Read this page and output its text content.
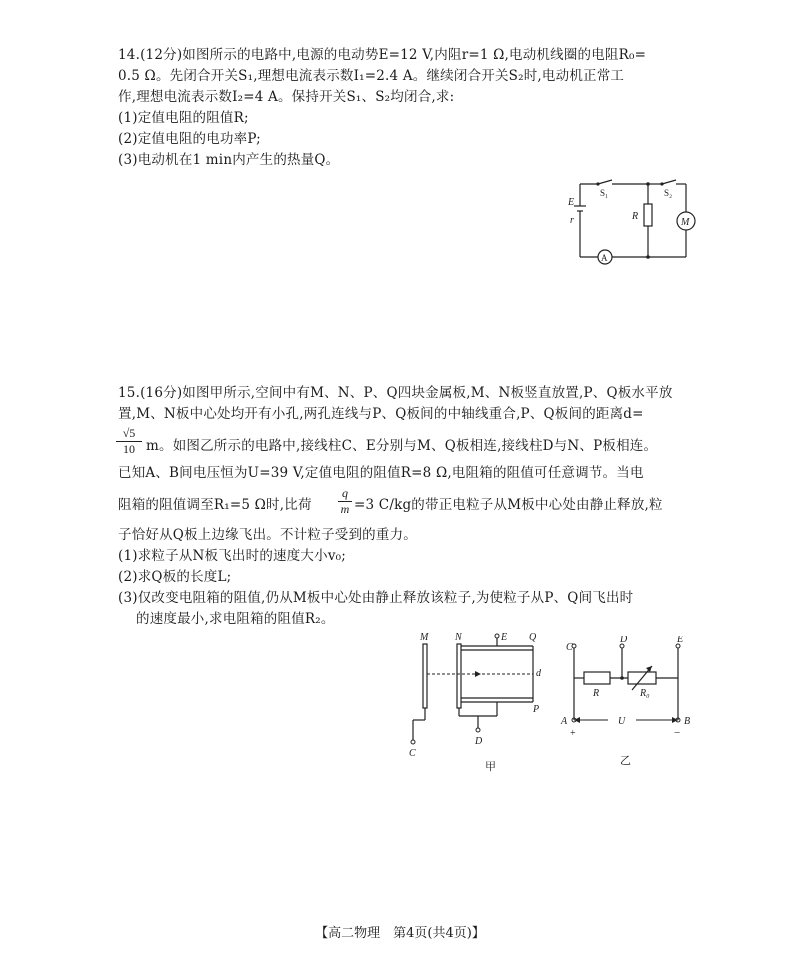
14.(12分)如图所示的电路中,电源的电动势E=12 V,内阻r=1 Ω,电动机线圈的电阻R₀=
0.5 Ω。先闭合开关S₁,理想电流表示数I₁=2.4 A。继续闭合开关S₂时,电动机正常工
作,理想电流表示数I₂=4 A。保持开关S₁、S₂均闭合,求:
(1)定值电阻的阻值R;
(2)定值电阻的电功率P;
(3)电动机在1 min内产生的热量Q。
E
r
S₁	S₂
R
M
A
15.(16分)如图甲所示,空间中有M、N、P、Q四块金属板,M、N板竖直放置,P、Q板水平放
置,M、N板中心处均开有小孔,两孔连线与P、Q板间的中轴线重合,P、Q板间的距离d=
$\frac{√5}{10}$ m。如图乙所示的电路中,接线柱C、E分别与M、Q板相连,接线柱D与N、P板相连。
已知A、B间电压恒为U=39 V,定值电阻的阻值R=8 Ω,电阻箱的阻值可任意调节。当电
阻箱的阻值调至R₁=5 Ω时,比荷 $\frac{q}{m} =3$ C/kg的带正电粒子从M板中心处由静止释放,粒
子恰好从Q板上边缘飞出。不计粒子受到的重力。
(1)求粒子从N板飞出时的速度大小v₀;
(2)求Q板的长度L;
(3)仅改变电阻箱的阻值,仍从M板中心处由静止释放该粒子,为使粒子从P、Q间飞出时
的速度最小,求电阻箱的阻值R₂。
M	N	E Q
d
P
C
D
甲
C
D	E
R	R₀
A	U	B
+	−
乙
【高二物理　第4页(共4页)】
